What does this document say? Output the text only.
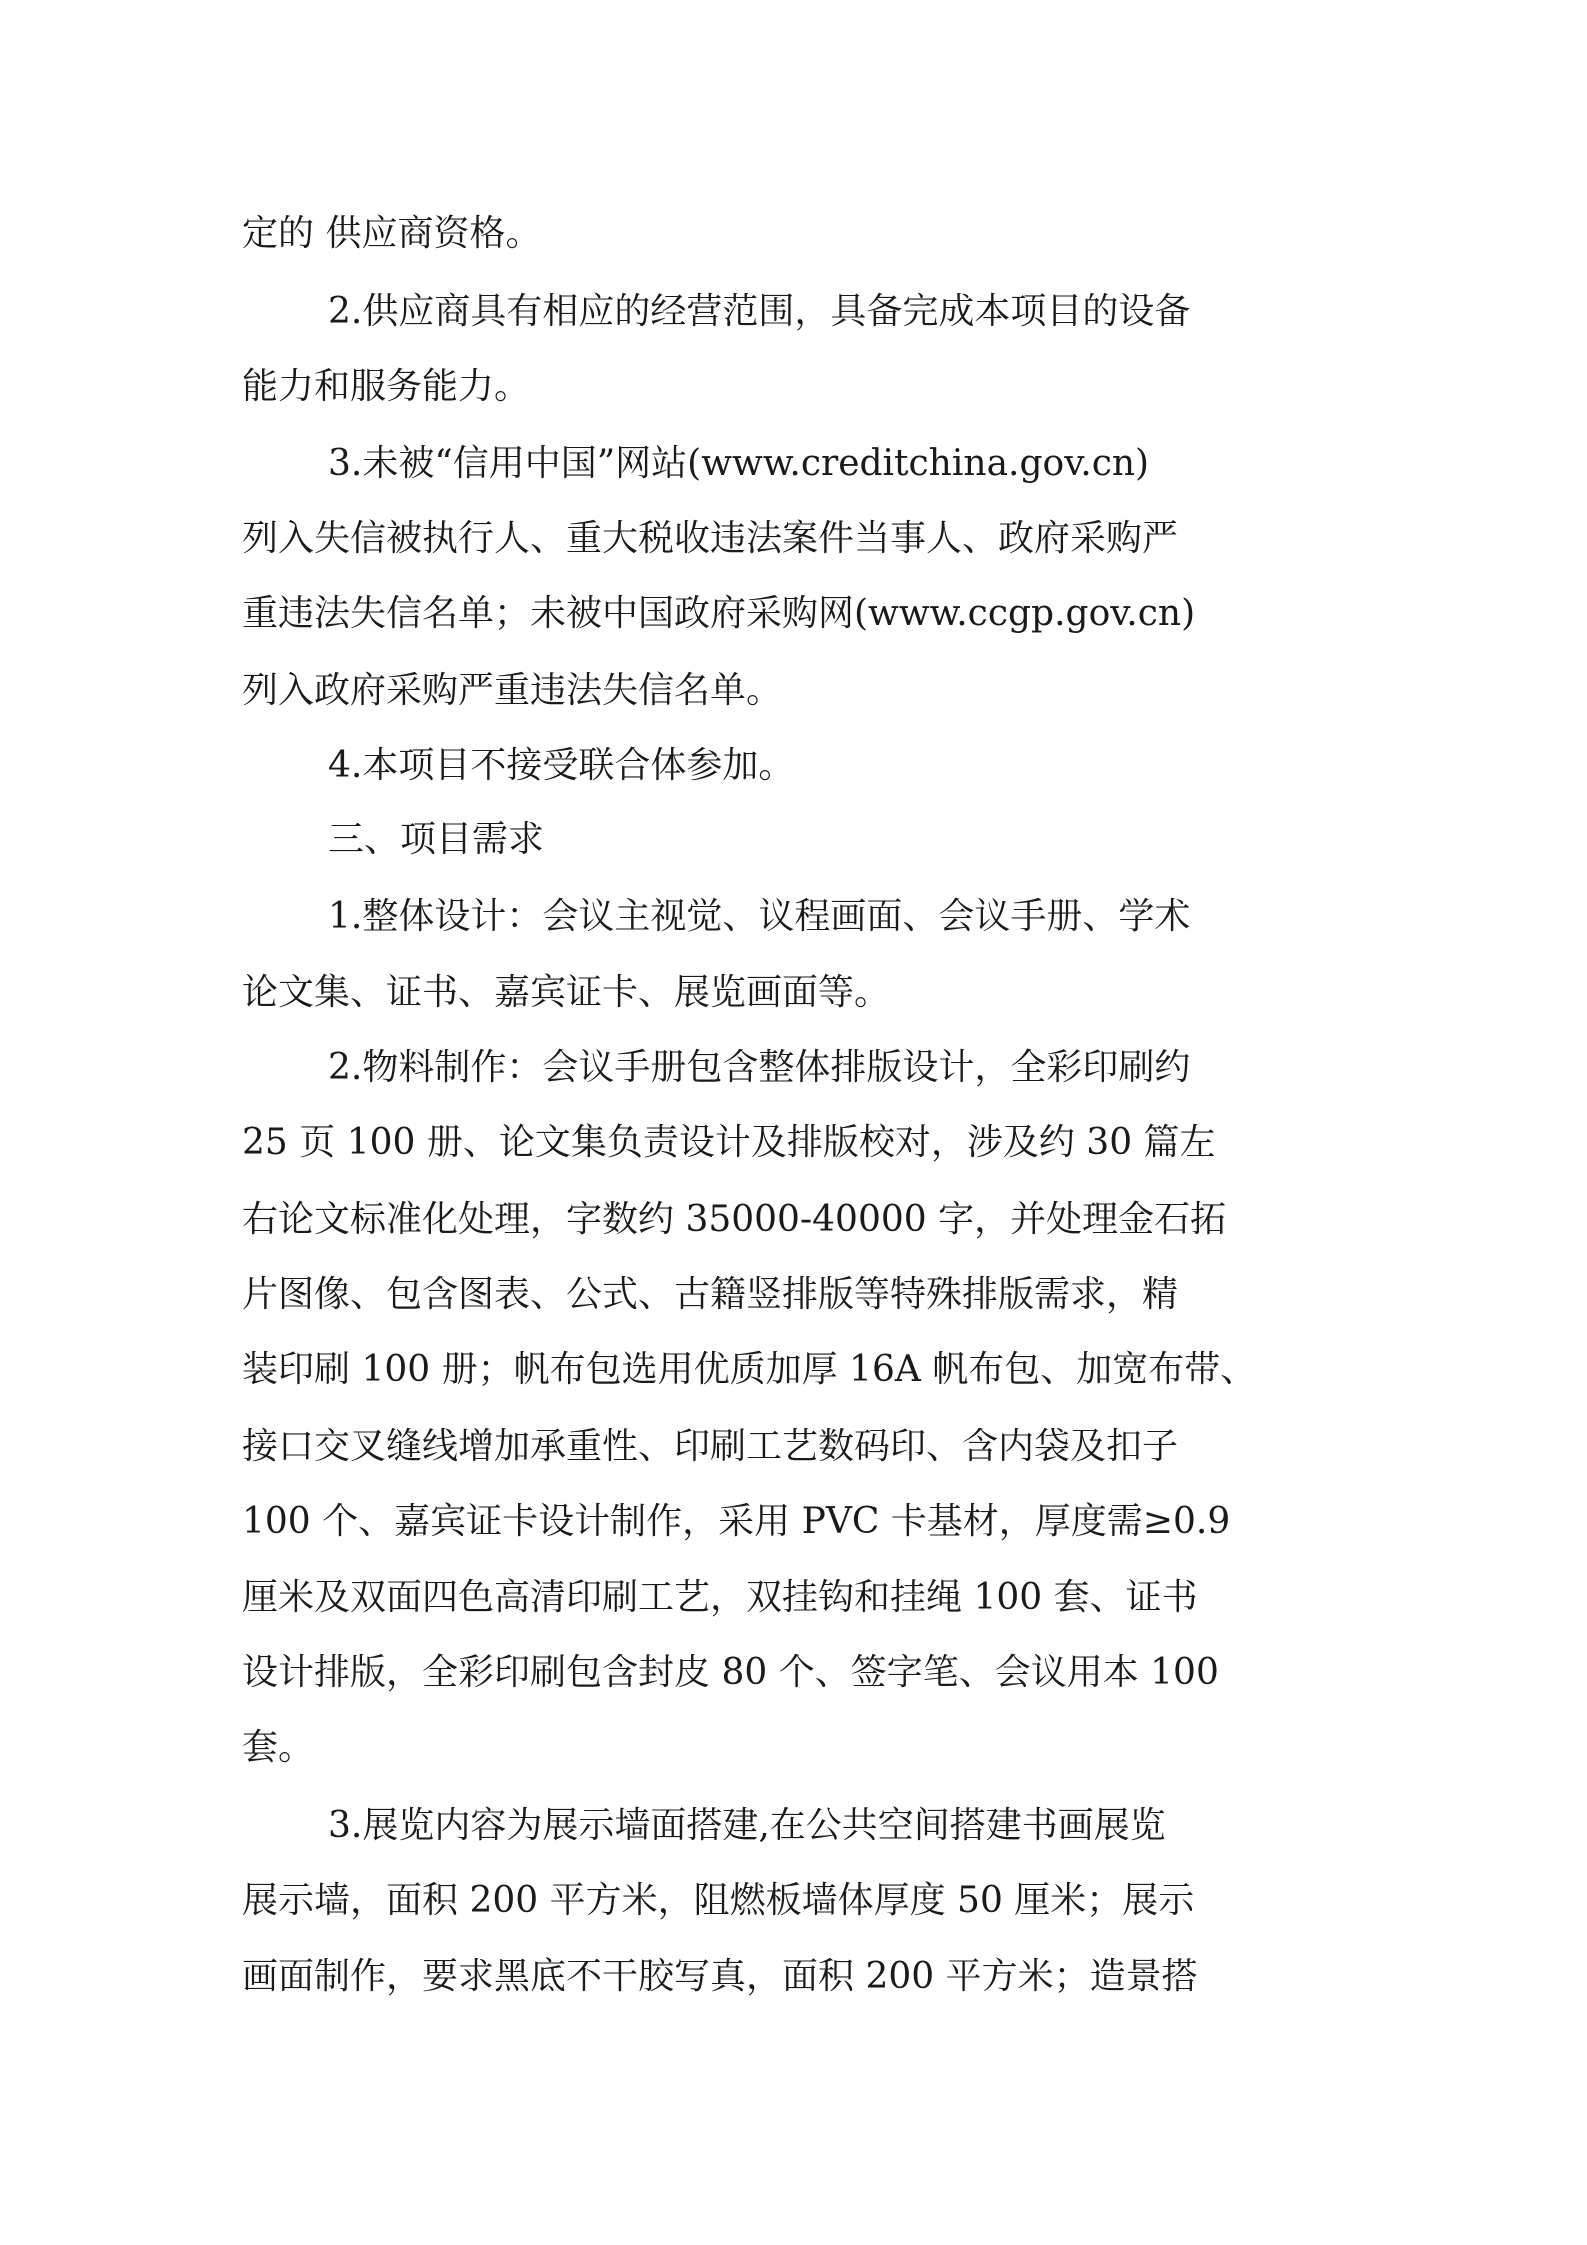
定的 供应商资格。
2.供应商具有相应的经营范围，具备完成本项目的设备
能力和服务能力。
3.未被“信用中国”网站(www.creditchina.gov.cn)
列入失信被执行人、重大税收违法案件当事人、政府采购严
重违法失信名单；未被中国政府采购网(www.ccgp.gov.cn)
列入政府采购严重违法失信名单。
4.本项目不接受联合体参加。
三、项目需求
1.整体设计：会议主视觉、议程画面、会议手册、学术
论文集、证书、嘉宾证卡、展览画面等。
2.物料制作：会议手册包含整体排版设计，全彩印刷约
25 页 100 册、论文集负责设计及排版校对，涉及约 30 篇左
右论文标准化处理，字数约 35000-40000 字，并处理金石拓
片图像、包含图表、公式、古籍竖排版等特殊排版需求，精
装印刷 100 册；帆布包选用优质加厚 16A 帆布包、加宽布带、
接口交叉缝线增加承重性、印刷工艺数码印、含内袋及扣子
100 个、嘉宾证卡设计制作，采用 PVC 卡基材，厚度需≥0.9
厘米及双面四色高清印刷工艺，双挂钩和挂绳 100 套、证书
设计排版，全彩印刷包含封皮 80 个、签字笔、会议用本 100
套。
3.展览内容为展示墙面搭建,在公共空间搭建书画展览
展示墙，面积 200 平方米，阻燃板墙体厚度 50 厘米；展示
画面制作，要求黑底不干胶写真，面积 200 平方米；造景搭
